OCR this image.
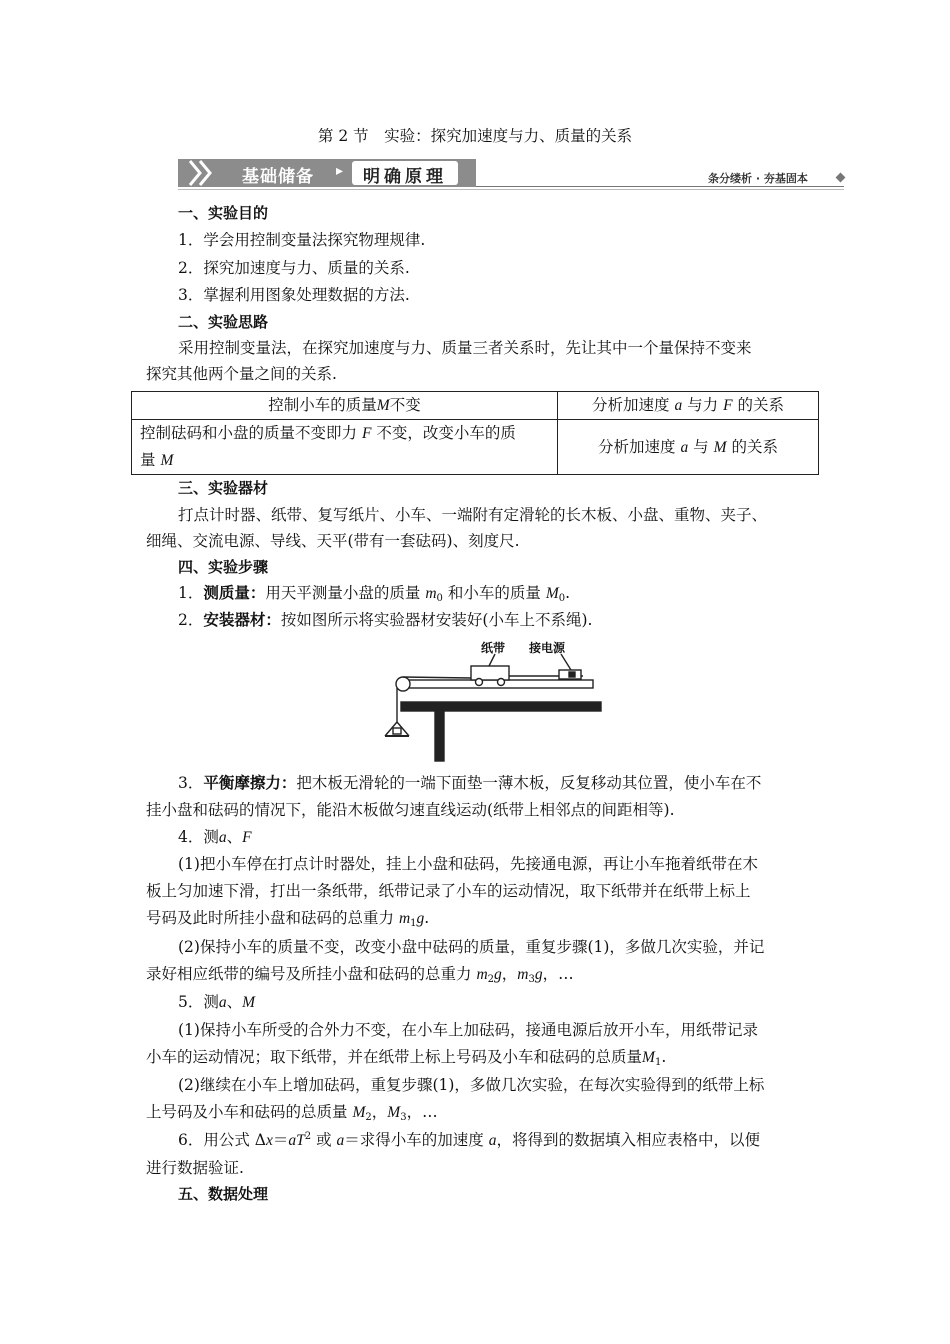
第 2 节　实验：探究加速度与力、质量的关系
基础储备 ▸	明确原理	条分缕析 · 夯基固本
一、实验目的
1．学会用控制变量法探究物理规律.
2．探究加速度与力、质量的关系.
3．掌握利用图象处理数据的方法.
二、实验思路
采用控制变量法，在探究加速度与力、质量三者关系时，先让其中一个量保持不变来
探究其他两个量之间的关系.
控制小车的质量M不变	分析加速度 a 与力 F 的关系
控制砝码和小盘的质量不变即力 F 不变，改变小车的质
量 M	分析加速度 a 与 M 的关系
三、实验器材
打点计时器、纸带、复写纸片、小车、一端附有定滑轮的长木板、小盘、重物、夹子、
细绳、交流电源、导线、天平(带有一套砝码)、刻度尺.
四、实验步骤
1．测质量：用天平测量小盘的质量 $m_0$ 和小车的质量 $M_0$.
2．安装器材：按如图所示将实验器材安装好(小车上不系绳).
纸带 接电源
3．平衡摩擦力：把木板无滑轮的一端下面垫一薄木板，反复移动其位置，使小车在不
挂小盘和砝码的情况下，能沿木板做匀速直线运动(纸带上相邻点的间距相等).
4．测a、F
(1)把小车停在打点计时器处，挂上小盘和砝码，先接通电源，再让小车拖着纸带在木
板上匀加速下滑，打出一条纸带，纸带记录了小车的运动情况，取下纸带并在纸带上标上
号码及此时所挂小盘和砝码的总重力 $m_1g$.
(2)保持小车的质量不变，改变小盘中砝码的质量，重复步骤(1)，多做几次实验，并记
录好相应纸带的编号及所挂小盘和砝码的总重力 $m_2g$，$m_3g$，…
5．测a、M
(1)保持小车所受的合外力不变，在小车上加砝码，接通电源后放开小车，用纸带记录
小车的运动情况；取下纸带，并在纸带上标上号码及小车和砝码的总质量$M_1$.
(2)继续在小车上增加砝码，重复步骤(1)，多做几次实验，在每次实验得到的纸带上标
上号码及小车和砝码的总质量 $M_2$，$M_3$，…
6．用公式 $\Delta x=aT^2$ 或 a＝求得小车的加速度 a，将得到的数据填入相应表格中，以便
进行数据验证.
五、数据处理
